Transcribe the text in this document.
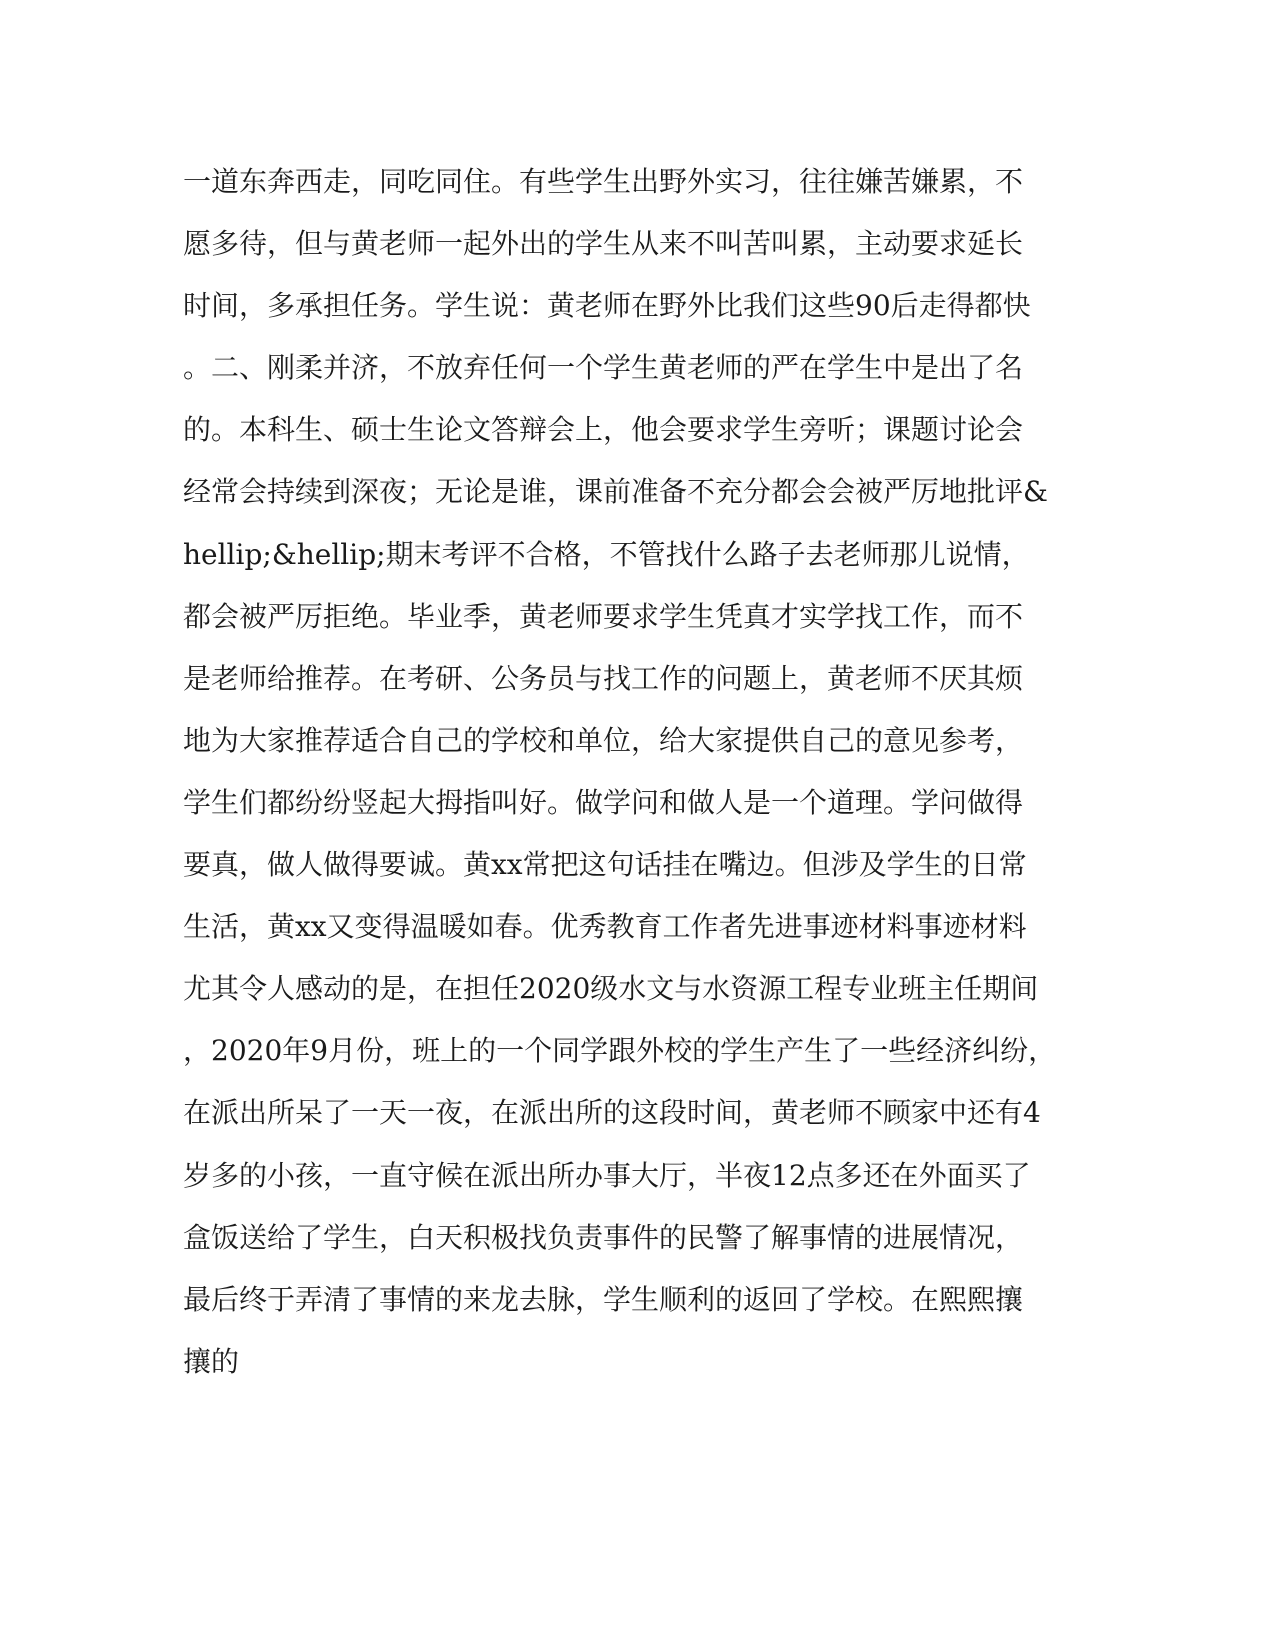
一道东奔西走，同吃同住。有些学生出野外实习，往往嫌苦嫌累，不
愿多待，但与黄老师一起外出的学生从来不叫苦叫累，主动要求延长
时间，多承担任务。学生说：黄老师在野外比我们这些90后走得都快
。二、刚柔并济，不放弃任何一个学生黄老师的严在学生中是出了名
的。本科生、硕士生论文答辩会上，他会要求学生旁听；课题讨论会
经常会持续到深夜；无论是谁，课前准备不充分都会会被严厉地批评&
hellip;&hellip;期末考评不合格，不管找什么路子去老师那儿说情，
都会被严厉拒绝。毕业季，黄老师要求学生凭真才实学找工作，而不
是老师给推荐。在考研、公务员与找工作的问题上，黄老师不厌其烦
地为大家推荐适合自己的学校和单位，给大家提供自己的意见参考，
学生们都纷纷竖起大拇指叫好。做学问和做人是一个道理。学问做得
要真，做人做得要诚。黄xx常把这句话挂在嘴边。但涉及学生的日常
生活，黄xx又变得温暖如春。优秀教育工作者先进事迹材料事迹材料
尤其令人感动的是，在担任2020级水文与水资源工程专业班主任期间
，2020年9月份，班上的一个同学跟外校的学生产生了一些经济纠纷，
在派出所呆了一天一夜，在派出所的这段时间，黄老师不顾家中还有4
岁多的小孩，一直守候在派出所办事大厅，半夜12点多还在外面买了
盒饭送给了学生，白天积极找负责事件的民警了解事情的进展情况，
最后终于弄清了事情的来龙去脉，学生顺利的返回了学校。在熙熙攘
攘的
